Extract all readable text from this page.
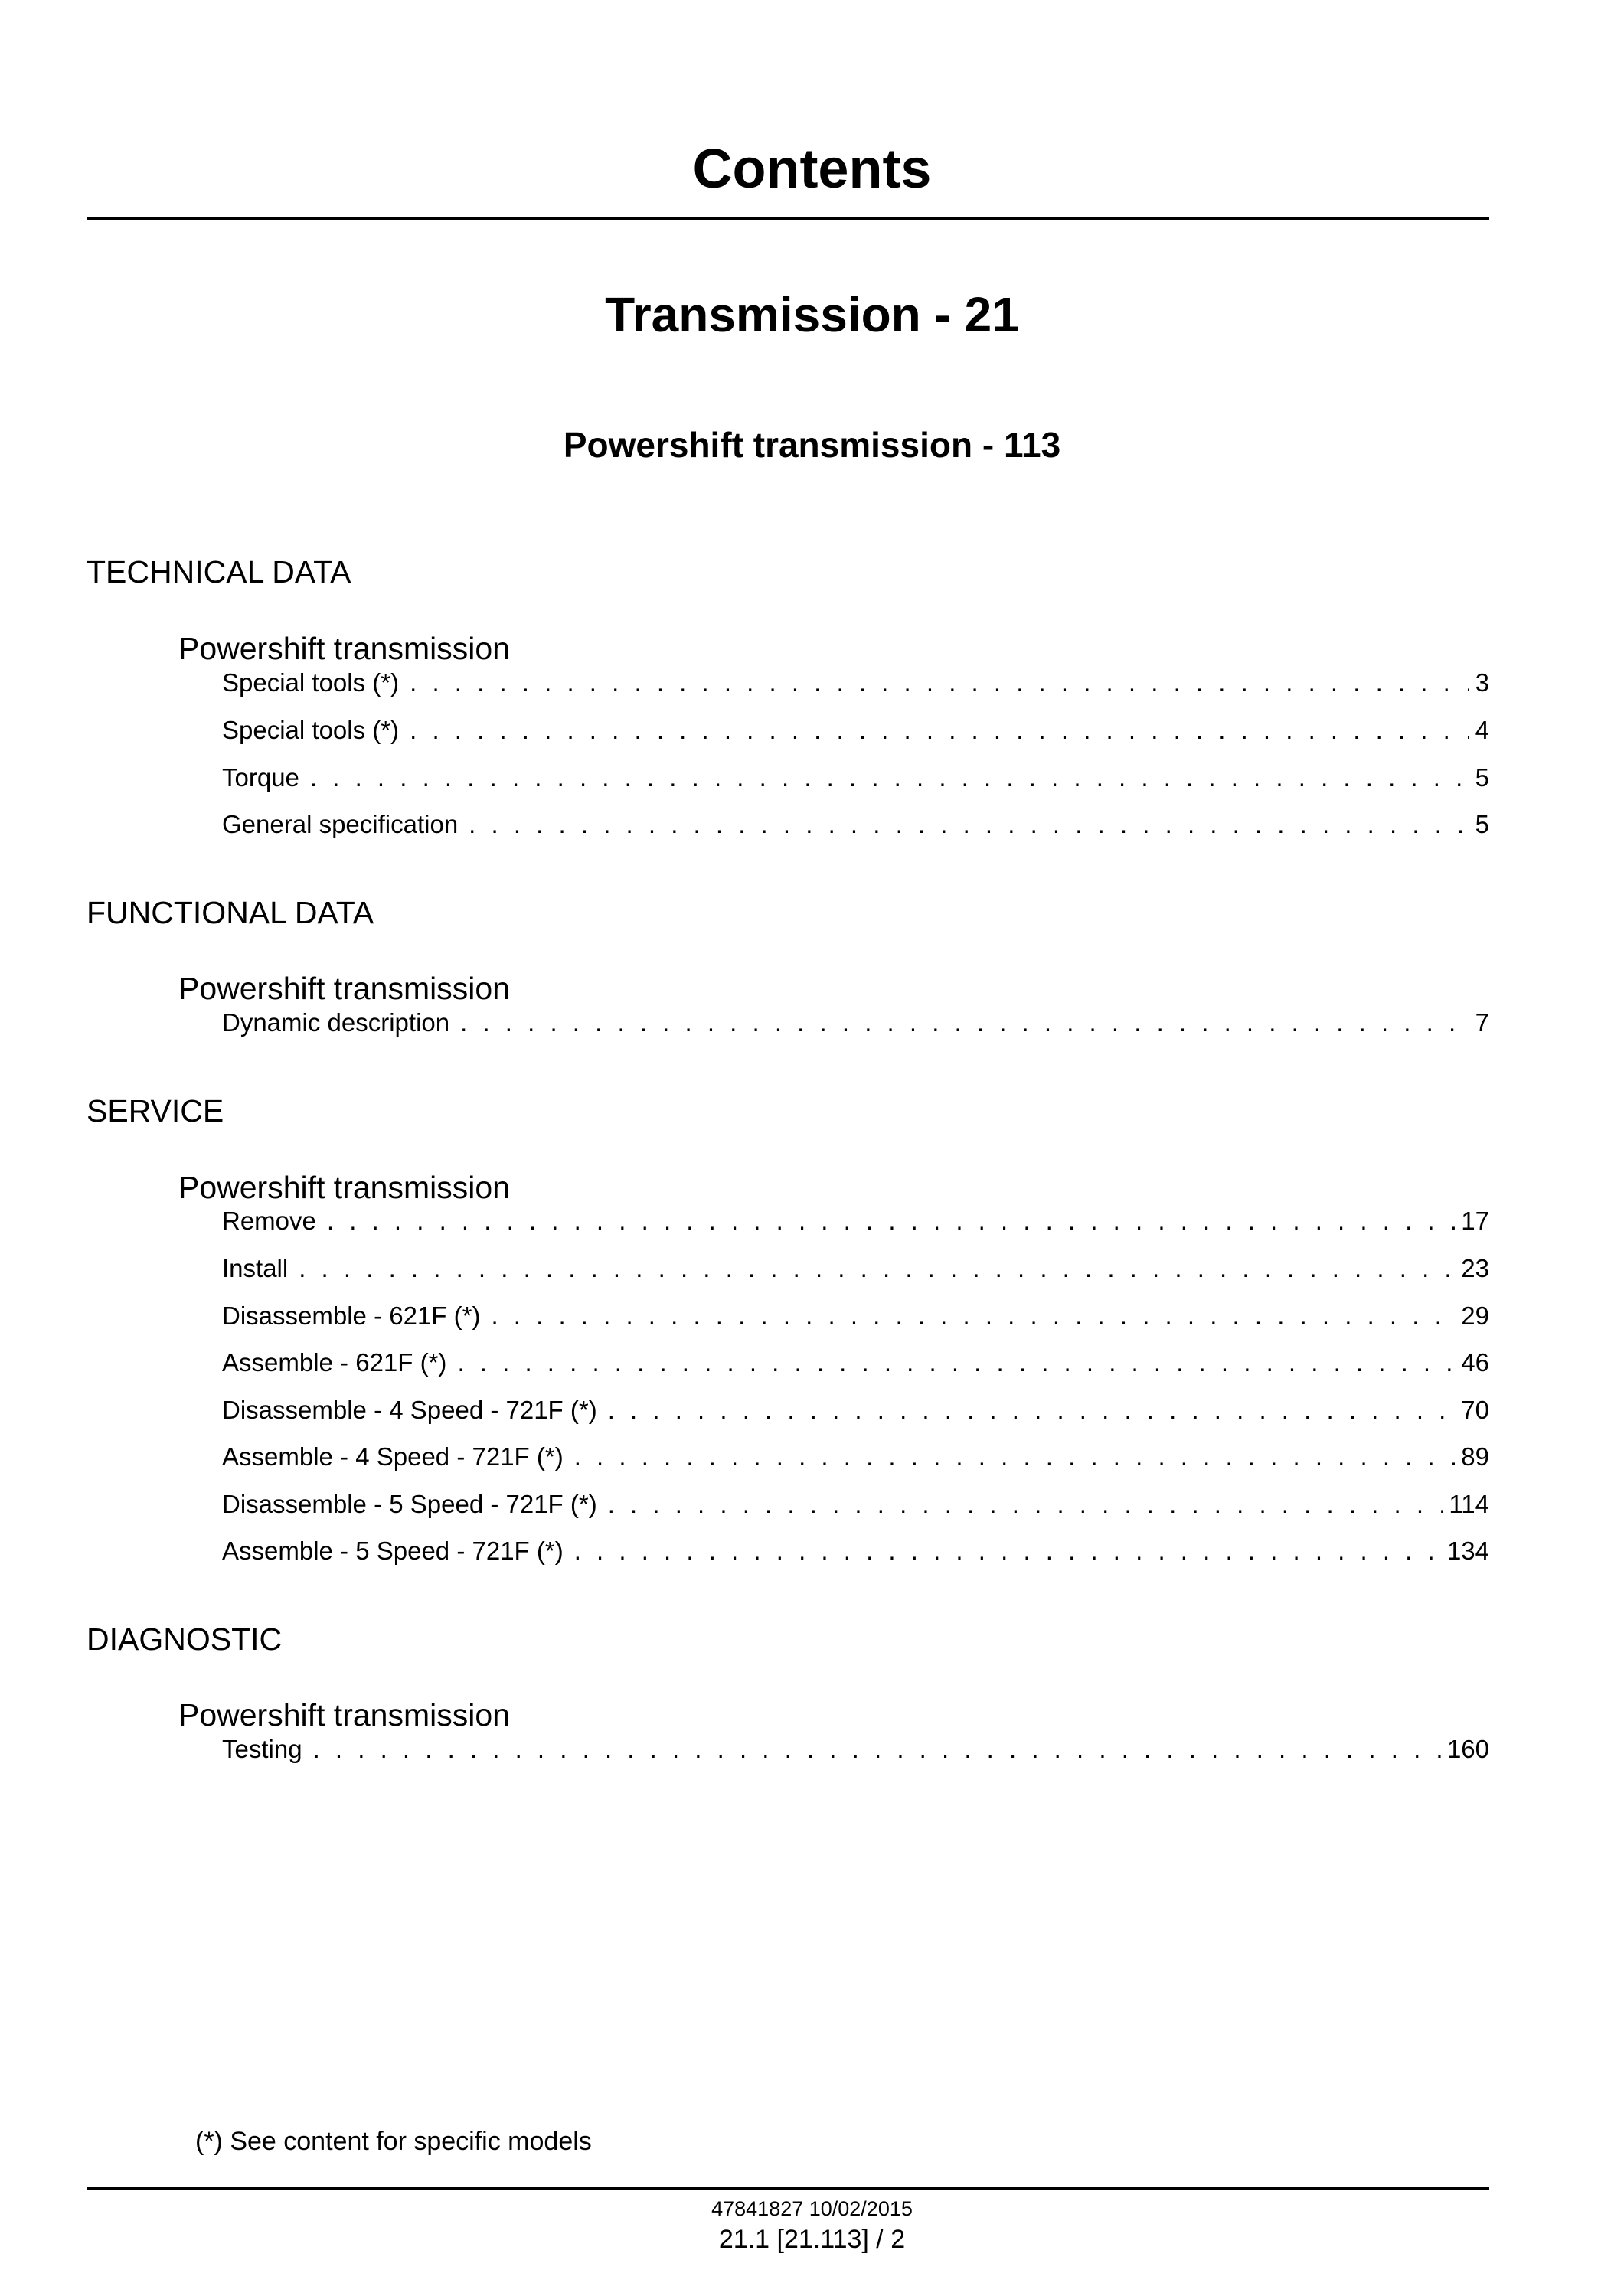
Contents
Transmission - 21
Powershift transmission - 113
TECHNICAL DATA
Powershift transmission
Special tools (*) . . .	3
Special tools (*) . . .	4
Torque . . .	5
General specification . . .	5
FUNCTIONAL DATA
Powershift transmission
Dynamic description . . .	7
SERVICE
Powershift transmission
Remove . . .	17
Install . . .	23
Disassemble - 621F (*) . . .	29
Assemble - 621F (*) . . .	46
Disassemble - 4 Speed - 721F (*) . . .	70
Assemble - 4 Speed - 721F (*) . . .	89
Disassemble - 5 Speed - 721F (*) . . .	114
Assemble - 5 Speed - 721F (*) . . .	134
DIAGNOSTIC
Powershift transmission
Testing . . .	160
(*) See content for specific models
47841827 10/02/2015
21.1 [21.113] / 2
